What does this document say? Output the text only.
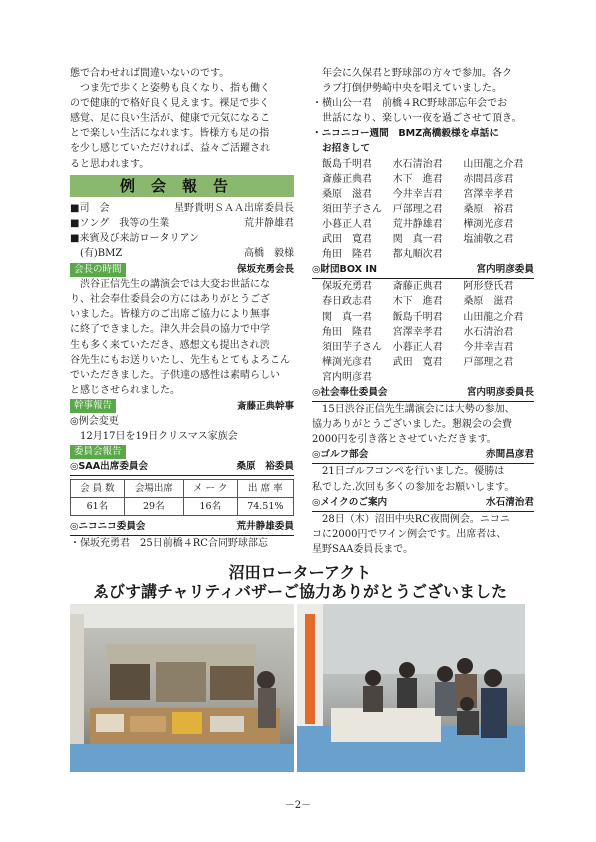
態で合わせれば間違いないのです。

つま先で歩くと姿勢も良くなり、指も働く

ので健康的で格好良く見えます。裸足で歩く

感覚、足に良い生活が、健康で元気になるこ

とで楽しい生活になれます。皆様方も足の指

を少し感じていただければ、益々ご活躍され

ると思われます。

例会報告
■司　会	星野貴明ＳＡＡ出席委員長
■ソング　我等の生業	荒井静雄君
■来賓及び来訪ロータリアン
(有)BMZ	高橋　毅様
会長の時間	保坂充勇会長

渋谷正信先生の講演会では大変お世話にな

り、社会奉仕委員会の方にはありがとうござ

いました。皆様方のご出席ご協力により無事

に終了できました。津久井会員の協力で中学

生も多く来ていただき、感想文も提出され渋

谷先生にもお送りいたし、先生もとてもよろこん

でいただきました。子供達の感性は素晴らしい

と感じさせられました。

幹事報告	斎藤正典幹事

◎例会変更

　12月17日を19日クリスマス家族会

委員会報告
◎SAA出席委員会	桑原　裕委員
会 員 数	会場出席	メ ー ク	出 席 率
61名	29名	16名	74.51%
◎ニコニコ委員会	荒井静雄委員

・保坂充勇君　25日前橋４RC合同野球部忘

年会に久保君と野球部の方々で参加。各ク

ラブ打倒伊勢崎中央を唱えていました。

・横山公一君　前橋４RC野球部忘年会でお

世話になり、楽しい一夜を過ごさせて頂き。

・ニコニコー週間　BMZ高橋毅様を卓話に

お招きして

飯島千明君	水石清治君	山田龍之介君
斎藤正典君	木下　進君	赤間昌彦君
桑原　滋君	今井幸吉君	宮澤幸孝君
須田芋子さん	戸部理之君	桑原　裕君
小暮正人君	荒井静雄君	樺渕光彦君
武田　寛君	関　真一君	塩浦敬之君
角田　隆君	都丸順次君
◎財団BOX IN	宮内明彦委員
保坂充勇君	斎藤正典君	阿形登氏君
春日政志君	木下　進君	桑原　滋君
関　真一君	飯島千明君	山田龍之介君
角田　隆君	宮澤幸孝君	水石清治君
須田芋子さん	小暮正人君	今井幸吉君
樺渕光彦君	武田　寛君	戸部理之君
宮内明彦君
◎社会奉仕委員会	宮内明彦委員長

15日渋谷正信先生講演会には大勢の参加、

協力ありがとうございました。懇親会の会費

2000円を引き落とさせていただきます。

◎ゴルフ部会	赤間昌彦君

21日ゴルフコンペを行いました。優勝は

私でした.次回も多くの参加をお願いします。

◎メイクのご案内	水石清治君

28日（木）沼田中央RC夜間例会。ニコニ

コに2000円でワイン例会です。出席者は、

星野SAA委員長まで。

沼田ローターアクト
ゑびす講チャリティバザーご協力ありがとうございました
－2－
